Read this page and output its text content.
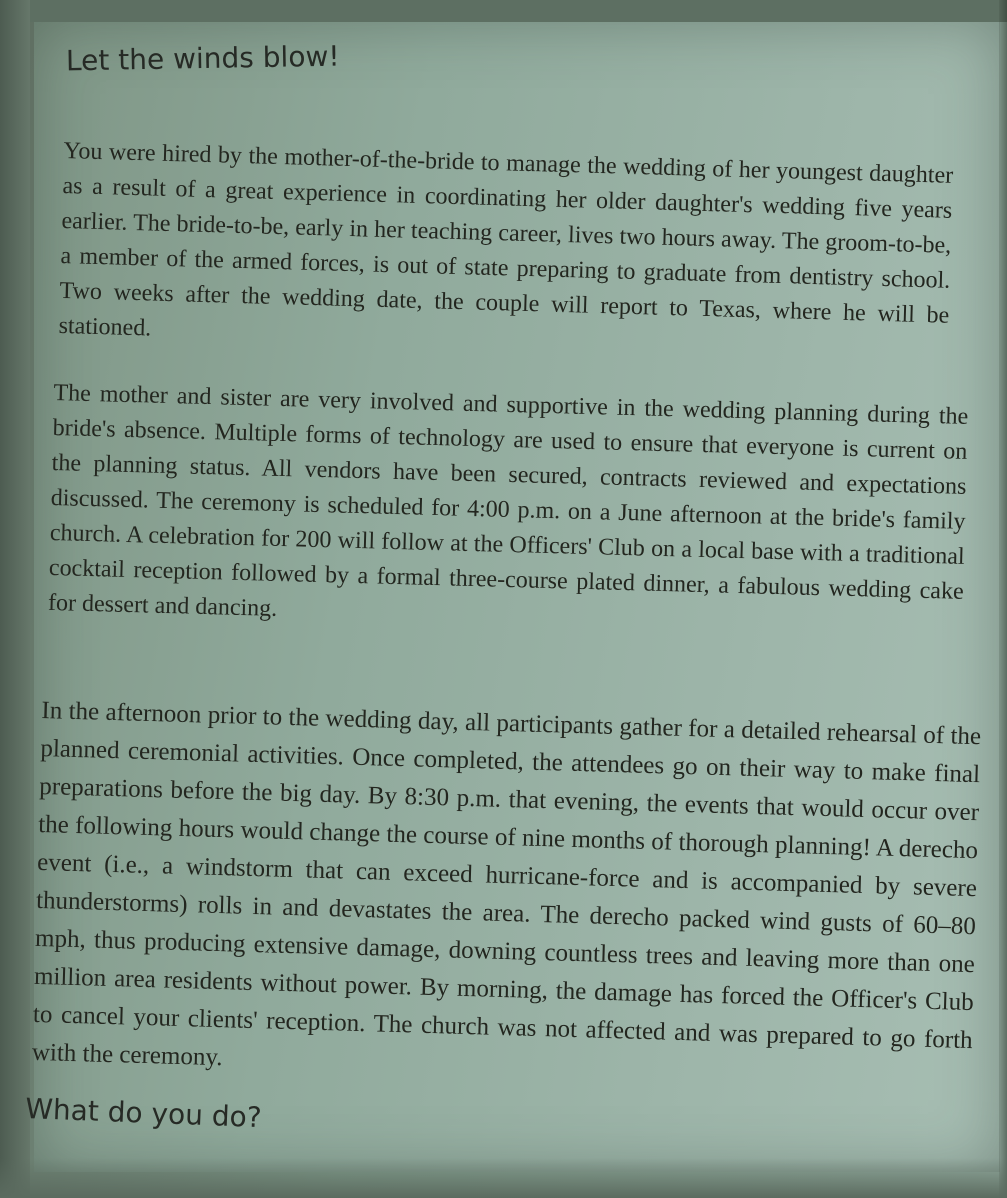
Let the winds blow!

You were hired by the mother-of-the-bride to manage the wedding of her youngest daughter as a result of a great experience in coordinating her older daughter's wedding five years earlier. The bride-to-be, early in her teaching career, lives two hours away. The groom-to-be, a member of the armed forces, is out of state preparing to graduate from dentistry school. Two weeks after the wedding date, the couple will report to Texas, where he will be stationed.

The mother and sister are very involved and supportive in the wedding planning during the bride's absence. Multiple forms of technology are used to ensure that everyone is current on the planning status. All vendors have been secured, contracts reviewed and expectations discussed. The ceremony is scheduled for 4:00 p.m. on a June afternoon at the bride's family church. A celebration for 200 will follow at the Officers' Club on a local base with a traditional cocktail reception followed by a formal three-course plated dinner, a fabulous wedding cake for dessert and dancing.

In the afternoon prior to the wedding day, all participants gather for a detailed rehearsal of the planned ceremonial activities. Once completed, the attendees go on their way to make final preparations before the big day. By 8:30 p.m. that evening, the events that would occur over the following hours would change the course of nine months of thorough planning! A derecho event (i.e., a windstorm that can exceed hurricane-force and is accompanied by severe thunderstorms) rolls in and devastates the area. The derecho packed wind gusts of 60–80 mph, thus producing extensive damage, downing countless trees and leaving more than one million area residents without power. By morning, the damage has forced the Officer's Club to cancel your clients' reception. The church was not affected and was prepared to go forth with the ceremony.

What do you do?
